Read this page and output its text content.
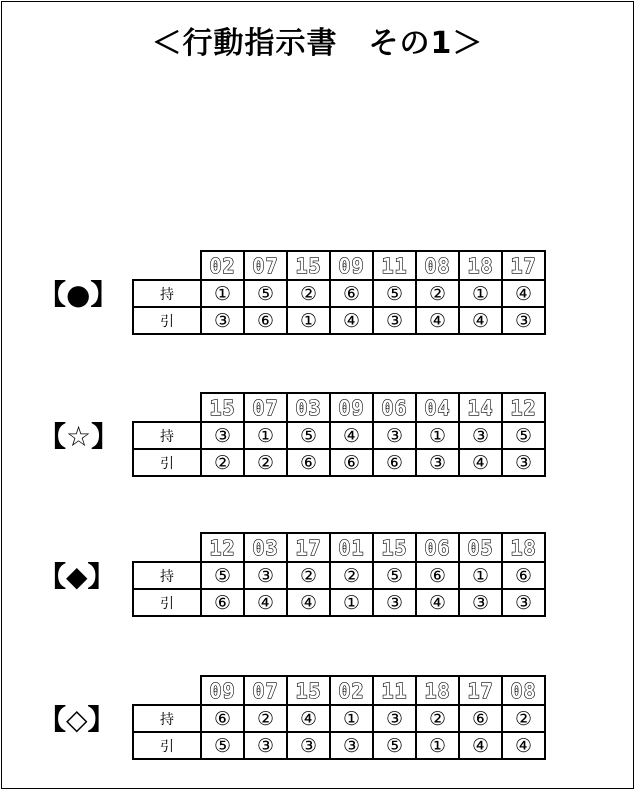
＜行動指示書　その1＞
【●】
	02	07	15	09	11	08	18	17
持	①	⑤	②	⑥	⑤	②	①	④
引	③	⑥	①	④	③	④	④	③
【☆】
	15	07	03	09	06	04	14	12
持	③	①	⑤	④	③	①	③	⑤
引	②	②	⑥	⑥	⑥	③	④	③
【◆】
	12	03	17	01	15	06	05	18
持	⑤	③	②	②	⑤	⑥	①	⑥
引	⑥	④	④	①	③	④	③	③
【◇】
	09	07	15	02	11	18	17	08
持	⑥	②	④	①	③	②	⑥	②
引	⑤	③	③	③	⑤	①	④	④
